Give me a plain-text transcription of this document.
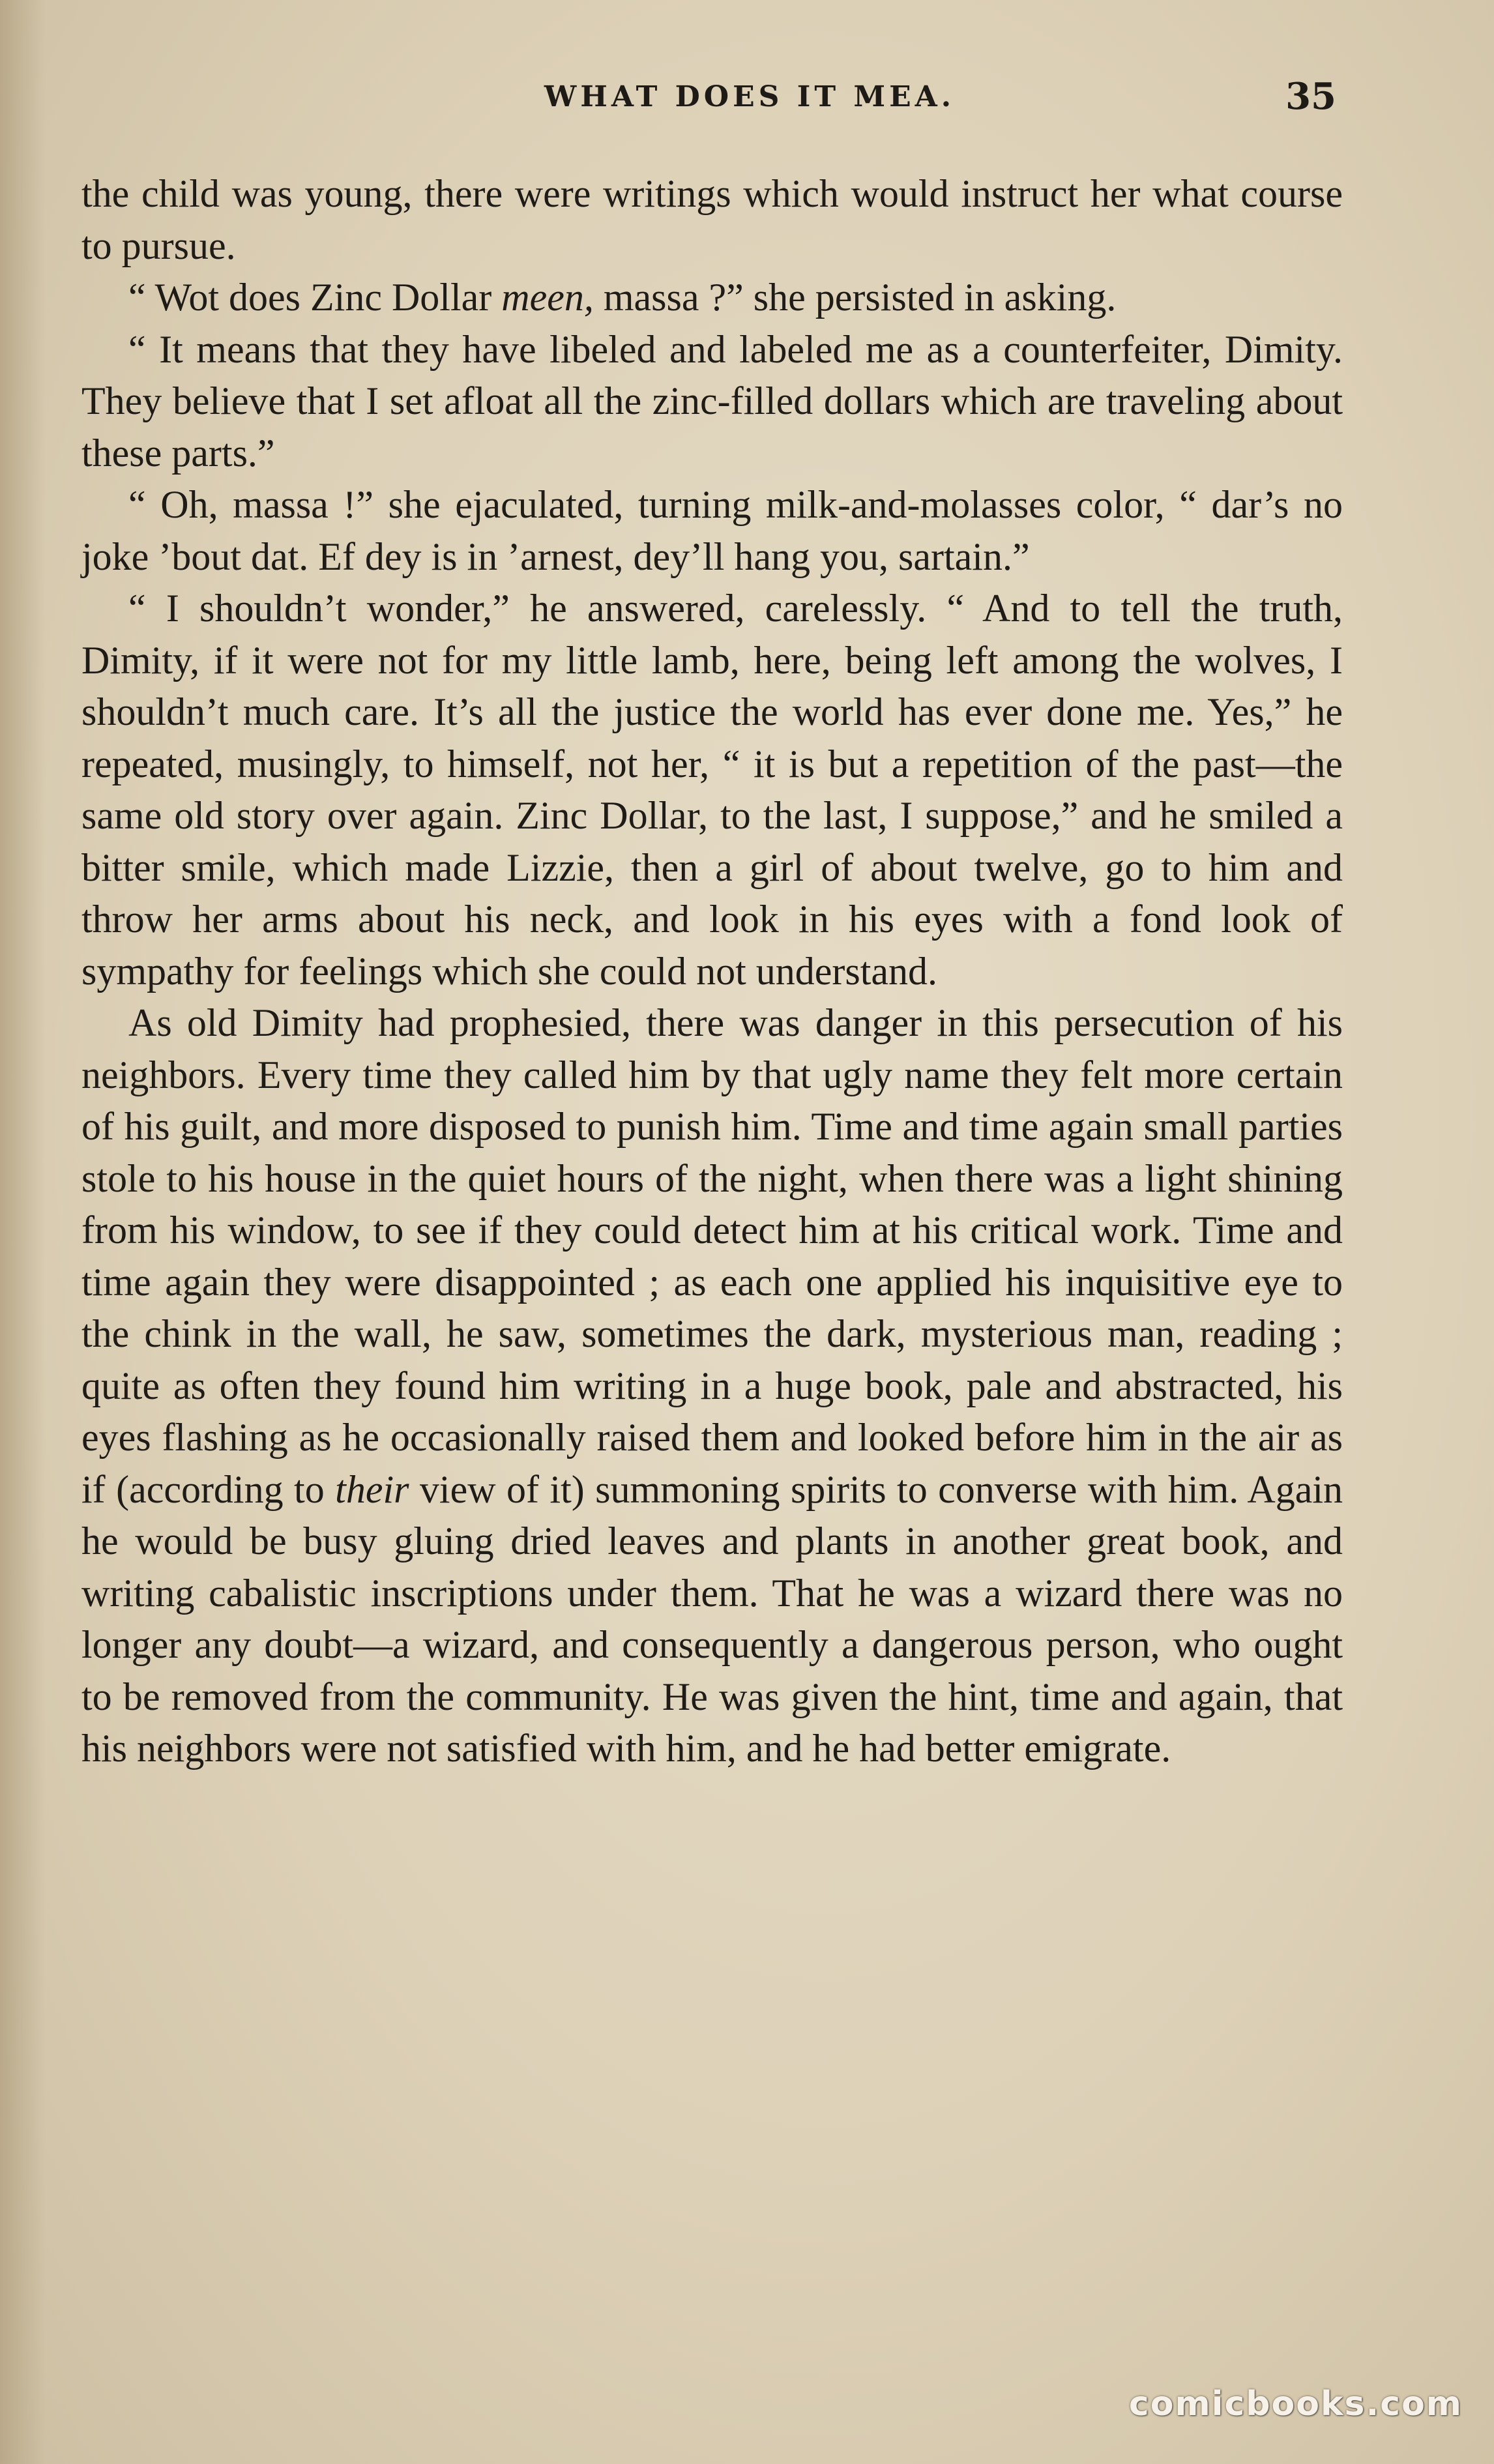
WHAT DOES IT MEA.	35

the child was young, there were writings which would instruct her what course to pursue.

“ Wot does Zinc Dollar meen, massa ?” she persisted in asking.

“ It means that they have libeled and labeled me as a counterfeiter, Dimity. They believe that I set afloat all the zinc-filled dollars which are traveling about these parts.”

“ Oh, massa !” she ejaculated, turning milk-and-molasses color, “ dar’s no joke ’bout dat. Ef dey is in ’arnest, dey’ll hang you, sartain.”

“ I shouldn’t wonder,” he answered, carelessly. “ And to tell the truth, Dimity, if it were not for my little lamb, here, being left among the wolves, I shouldn’t much care. It’s all the justice the world has ever done me. Yes,” he repeated, musingly, to himself, not her, “ it is but a repetition of the past—the same old story over again. Zinc Dollar, to the last, I suppose,” and he smiled a bitter smile, which made Lizzie, then a girl of about twelve, go to him and throw her arms about his neck, and look in his eyes with a fond look of sympathy for feelings which she could not understand.

As old Dimity had prophesied, there was danger in this persecution of his neighbors. Every time they called him by that ugly name they felt more certain of his guilt, and more disposed to punish him. Time and time again small parties stole to his house in the quiet hours of the night, when there was a light shining from his window, to see if they could detect him at his critical work. Time and time again they were disappointed ; as each one applied his inquisitive eye to the chink in the wall, he saw, sometimes the dark, mysterious man, reading ; quite as often they found him writing in a huge book, pale and abstracted, his eyes flashing as he occasionally raised them and looked before him in the air as if (according to their view of it) summoning spirits to converse with him. Again he would be busy gluing dried leaves and plants in another great book, and writing cabalistic inscriptions under them. That he was a wizard there was no longer any doubt—a wizard, and consequently a dangerous person, who ought to be removed from the community. He was given the hint, time and again, that his neighbors were not satisfied with him, and he had better emigrate.

comicbooks.com
